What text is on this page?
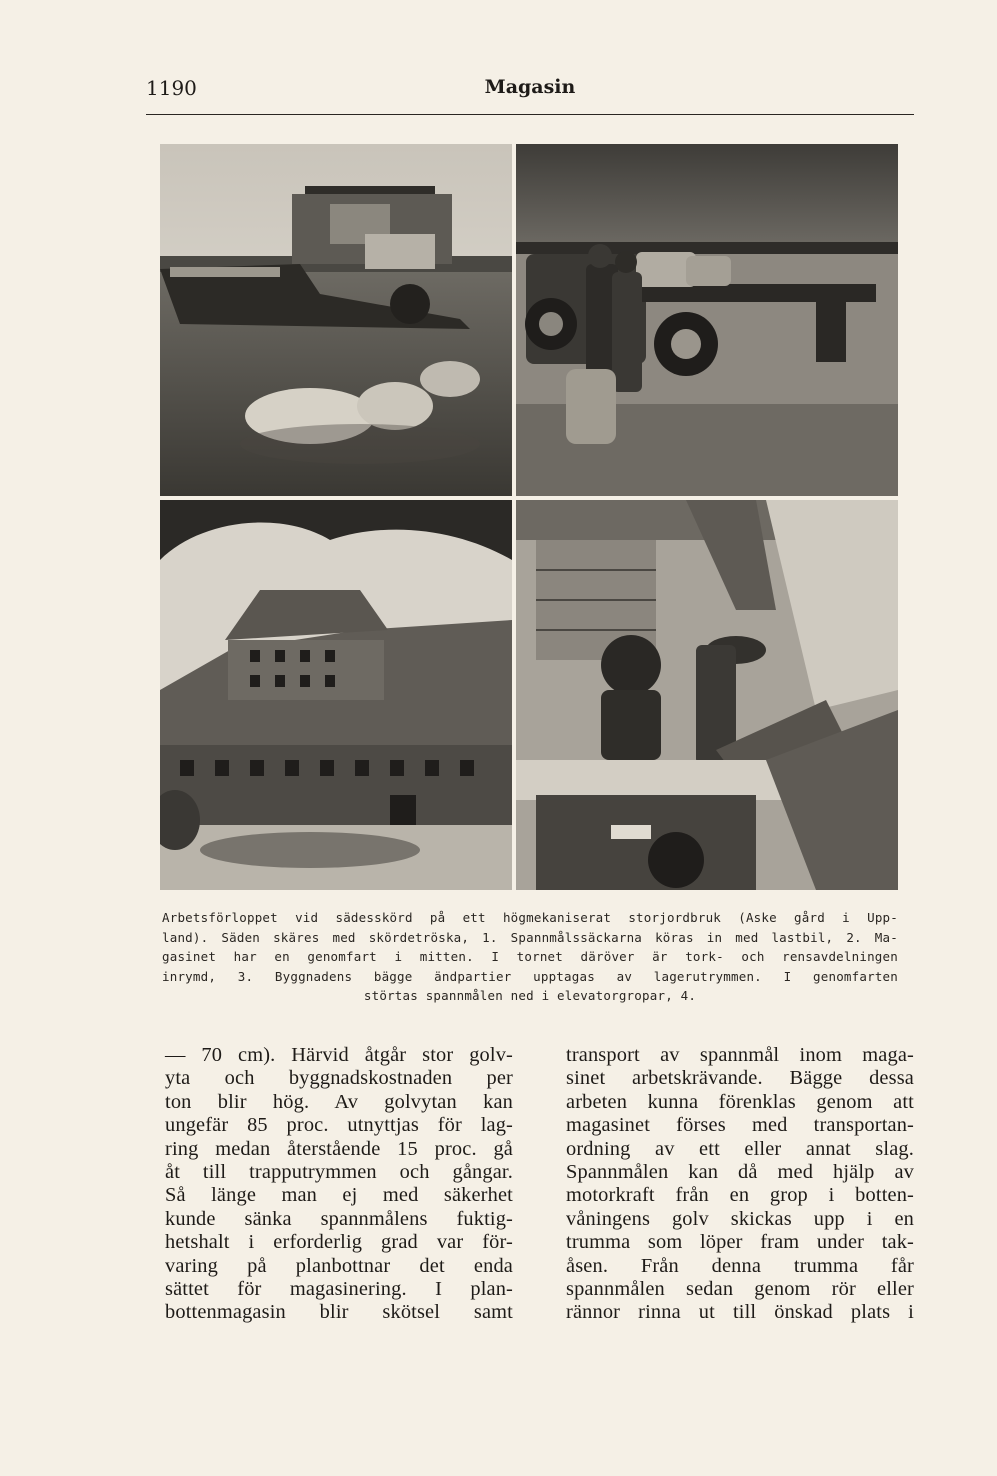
1190	Magasin
Arbetsförloppet vid sädesskörd på ett högmekaniserat storjordbruk (Aske gård i Upp-
land). Säden skäres med skördetröska, 1. Spannmålssäckarna köras in med lastbil, 2. Ma-
gasinet har en genomfart i mitten. I tornet däröver är tork- och rensavdelningen
inrymd, 3. Byggnadens bägge ändpartier upptagas av lagerutrymmen. I genomfarten
störtas spannmålen ned i elevatorgropar, 4.
— 70 cm). Härvid åtgår stor golv-
yta och byggnadskostnaden per
ton blir hög. Av golvytan kan
ungefär 85 proc. utnyttjas för lag-
ring medan återstående 15 proc. gå
åt till trapputrymmen och gångar.
Så länge man ej med säkerhet
kunde sänka spannmålens fuktig-
hetshalt i erforderlig grad var för-
varing på planbottnar det enda
sättet för magasinering. I plan-
bottenmagasin blir skötsel samt
transport av spannmål inom maga-
sinet arbetskrävande. Bägge dessa
arbeten kunna förenklas genom att
magasinet förses med transportan-
ordning av ett eller annat slag.
Spannmålen kan då med hjälp av
motorkraft från en grop i botten-
våningens golv skickas upp i en
trumma som löper fram under tak-
åsen. Från denna trumma får
spannmålen sedan genom rör eller
rännor rinna ut till önskad plats i
